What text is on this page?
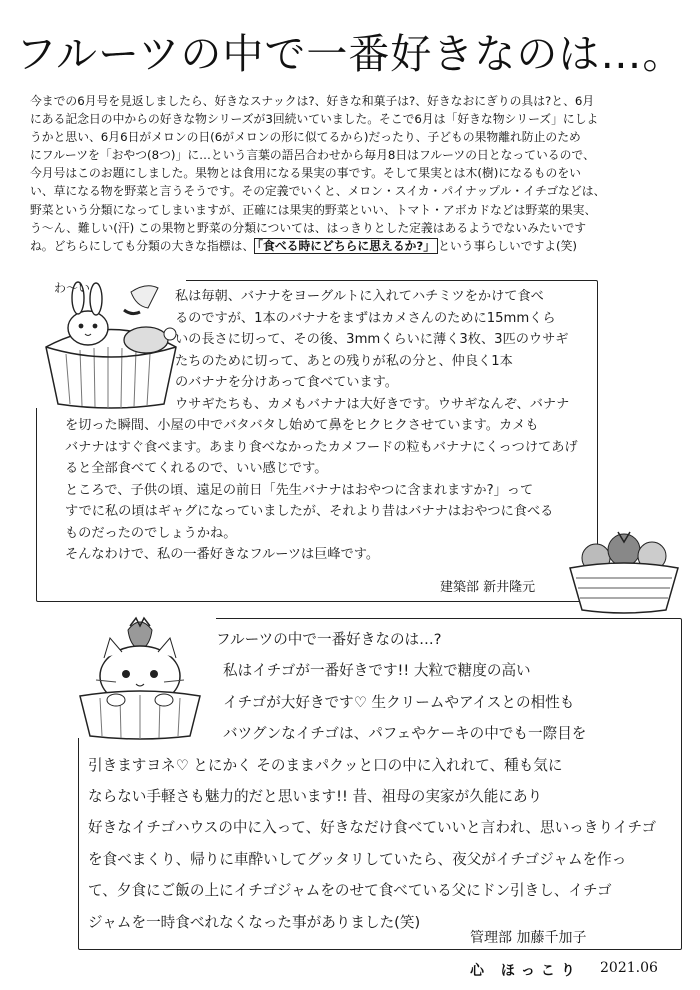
フルーツの中で一番好きなのは…。

今までの6月号を見返しましたら、好きなスナックは?、好きな和菓子は?、好きなおにぎりの具は?と、6月

にある記念日の中からの好きな物シリーズが3回続いていました。そこで6月は「好きな物シリーズ」にしよ

うかと思い、6月6日がメロンの日(6がメロンの形に似てるから)だったり、子どもの果物離れ防止のため

にフルーツを「おやつ(8つ)」に…という言葉の語呂合わせから毎月8日はフルーツの日となっているので、

今月号はこのお題にしました。果物とは食用になる果実の事です。そして果実とは木(樹)になるものをい

い、草になる物を野菜と言うそうです。その定義でいくと、メロン・スイカ・パイナップル・イチゴなどは、

野菜という分類になってしまいますが、正確には果実的野菜といい、トマト・アボカドなどは野菜的果実、

う〜ん、難しい(汗) この果物と野菜の分類については、はっきりとした定義はあるようでないみたいです

ね。どちらにしても分類の大きな指標は、 「食べる時にどちらに思えるか?」 という事らしいですよ(笑)

わ〜い

私は毎朝、バナナをヨーグルトに入れてハチミツをかけて食べ

るのですが、1本のバナナをまずはカメさんのために15mmくら

いの長さに切って、その後、3mmくらいに薄く3枚、3匹のウサギ

たちのために切って、あとの残りが私の分と、仲良く1本

のバナナを分けあって食べています。

ウサギたちも、カメもバナナは大好きです。ウサギなんぞ、バナナ

を切った瞬間、小屋の中でバタバタし始めて鼻をヒクヒクさせています。カメも

バナナはすぐ食べます。あまり食べなかったカメフードの粒もバナナにくっつけてあげ

ると全部食べてくれるので、いい感じです。

ところで、子供の頃、遠足の前日「先生バナナはおやつに含まれますか?」って

すでに私の頃はギャグになっていましたが、それより昔はバナナはおやつに食べる

ものだったのでしょうかね。

そんなわけで、私の一番好きなフルーツは巨峰です。

建築部 新井隆元

フルーツの中で一番好きなのは…?

私はイチゴが一番好きです!! 大粒で糖度の高い

イチゴが大好きです♡ 生クリームやアイスとの相性も

バツグンなイチゴは、パフェやケーキの中でも一際目を

引きますヨネ♡ とにかく そのままパクッと口の中に入れれて、種も気に

ならない手軽さも魅力的だと思います!! 昔、祖母の実家が久能にあり

好きなイチゴハウスの中に入って、好きなだけ食べていいと言われ、思いっきりイチゴ

を食べまくり、帰りに車酔いしてグッタリしていたら、夜父がイチゴジャムを作っ

て、夕食にご飯の上にイチゴジャムをのせて食べている父にドン引きし、イチゴ

ジャムを一時食べれなくなった事がありました(笑)

管理部 加藤千加子
心 ほっこり 2021.06
